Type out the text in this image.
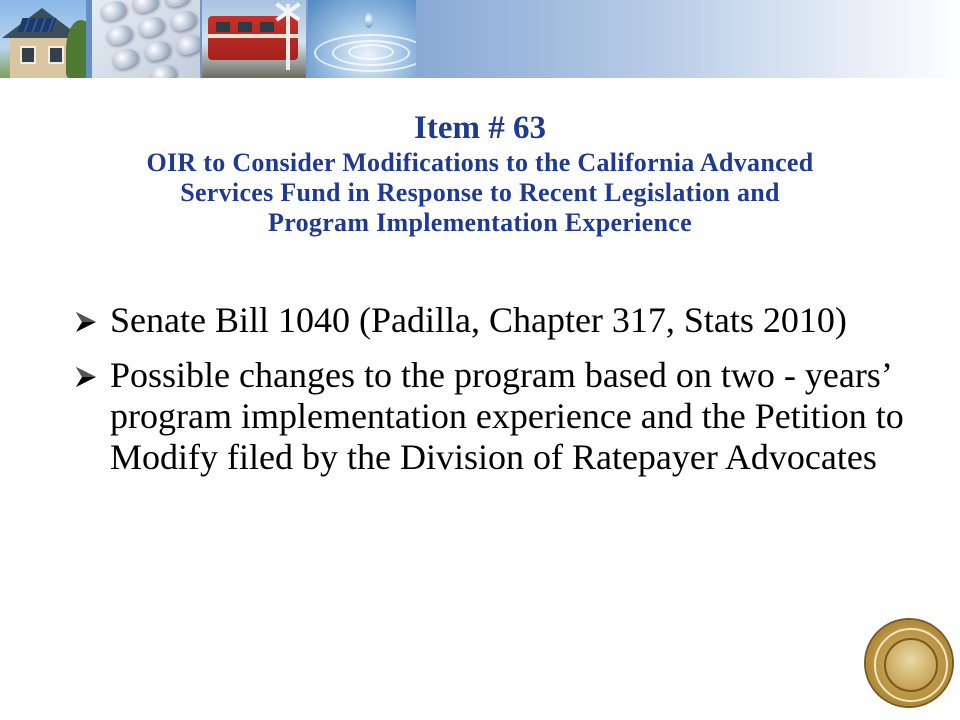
Item # 63

OIR to Consider Modifications to the California Advanced

Services Fund in Response to Recent Legislation and

Program Implementation Experience

Senate Bill 1040 (Padilla, Chapter 317, Stats 2010)
Possible changes to the program based on two - years’ program implementation experience and the Petition to Modify filed by the Division of Ratepayer Advocates
